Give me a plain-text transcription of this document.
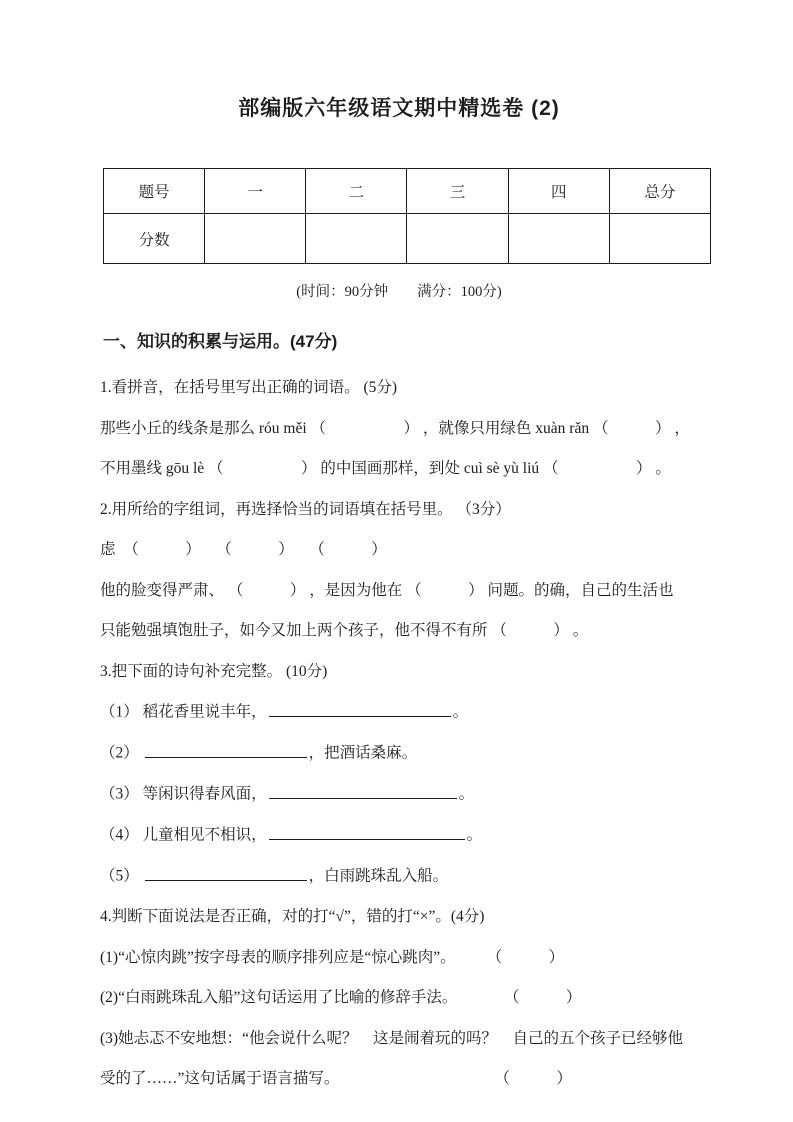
部编版六年级语文期中精选卷 (2)
题号	一	二	三	四	总分
分数					
(时间：90分钟　　满分：100分)
一、知识的积累与运用。(47分)

1.看拼音，在括号里写出正确的词语。 (5分)

那些小丘的线条是那么 róu měi （　　　　　） ，就像只用绿色 xuàn rǎn （　　　） ，

不用墨线 gōu lè （　　　　　） 的中国画那样，到处 cuì sè yù liú （　　　　　） 。

2.用所给的字组词，再选择恰当的词语填在括号里。 （3分）

虑　（　　　）　　（　　　）　　（　　　）

他的脸变得严肃、 （　　　） ，是因为他在 （　　　） 问题。的确，自己的生活也

只能勉强填饱肚子，如今又加上两个孩子，他不得不有所 （　　　） 。

3.把下面的诗句补充完整。 (10分)

（1） 稻花香里说丰年，	。

（2）	，把酒话桑麻。

（3） 等闲识得春风面，	。

（4） 儿童相见不相识，	。

（5）	，白雨跳珠乱入船。

4.判断下面说法是否正确，对的打“√”，错的打“×”。(4分)

(1)“心惊肉跳”按字母表的顺序排列应是“惊心跳肉”。　　　（　　　）

(2)“白雨跳珠乱入船”这句话运用了比喻的修辞手法。　　　　（　　　）

(3)她忐忑不安地想：“他会说什么呢？　这是闹着玩的吗？　自己的五个孩子已经够他

受的了……”这句话属于语言描写。　　　　　　　　　　　（　　　）
